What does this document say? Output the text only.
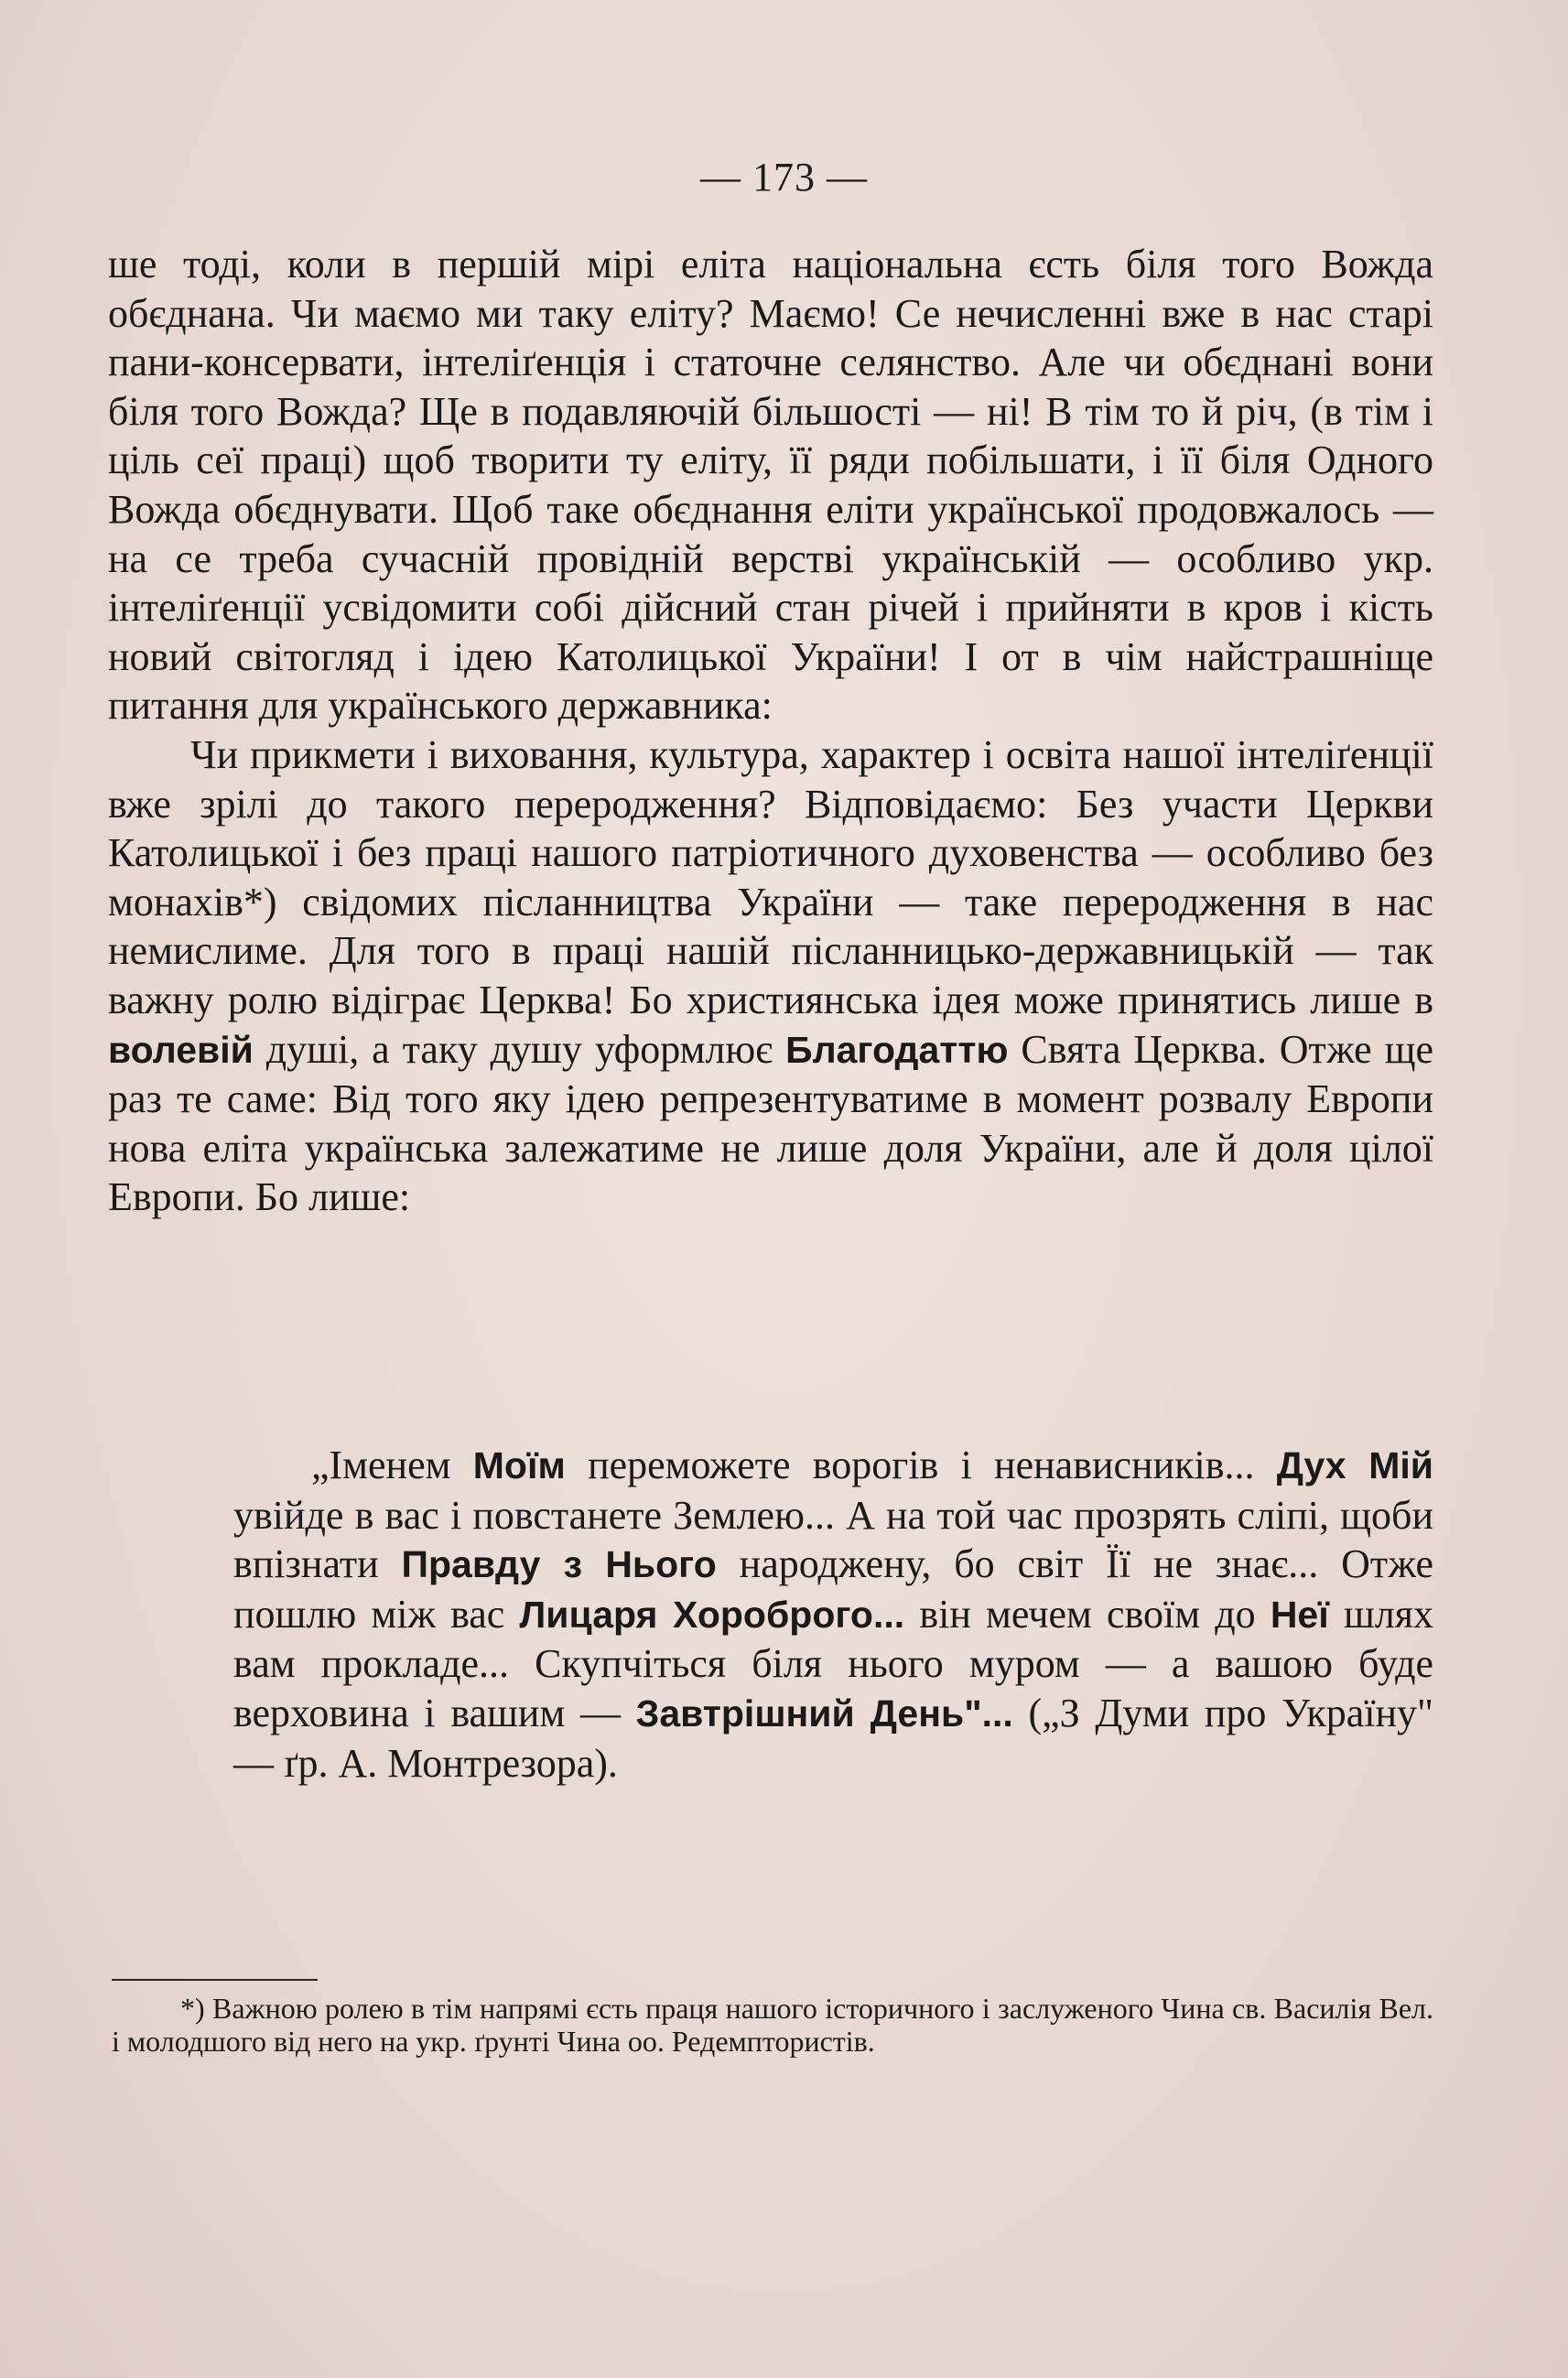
— 173 —

ше тоді, коли в першій мірі еліта національна єсть біля того Вожда обєднана. Чи маємо ми таку еліту? Маємо! Се нечисленні вже в нас старі пани-консервати, інтеліґенція і статочне селянство. Але чи обєднані вони біля того Вожда? Ще в подавляючій більшості — ні! В тім то й річ, (в тім і ціль сеї праці) щоб творити ту еліту, її ряди побільшати, і її біля Одного Вожда обєднувати. Щоб таке обєднання еліти української продовжалось — на се треба сучасній провідній верстві українській — особливо укр. інтеліґенції усвідомити собі дійсний стан річей і прийняти в кров і кість новий світогляд і ідею Католицької України! І от в чім найстрашніще питання для українського державника:

Чи прикмети і виховання, культура, характер і освіта нашої інтеліґенції вже зрілі до такого переродження? Відповідаємо: Без участи Церкви Католицької і без праці нашого патріотичного духовенства — особливо без монахів*) свідомих післанництва України — таке переродження в нас немислиме. Для того в праці нашій післанницько-державницькій — так важну ролю відіграє Церква! Бо християнська ідея може принятись лише в волевій душі, а таку душу уформлює Благодаттю Свята Церква. Отже ще раз те саме: Від того яку ідею репрезентуватиме в момент розвалу Европи нова еліта українська залежатиме не лише доля України, але й доля цілої Европи. Бо лише:

„Іменем Моїм переможете ворогів і ненависників... Дух Мій увійде в вас і повстанете Землею... А на той час прозрять сліпі, щоби впізнати Правду з Нього народжену, бо світ Її не знає... Отже пошлю між вас Лицаря Хороброго... він мечем своїм до Неї шлях вам прокладе... Скупчіться біля нього муром — а вашою буде верховина і вашим — Завтрішний День"... („З Думи про Україну" — ґр. А. Монтрезора).

*) Важною ролею в тім напрямі єсть праця нашого історичного і заслуженого Чина св. Василія Вел. і молодшого від него на укр. ґрунті Чина оо. Редемптористів.
